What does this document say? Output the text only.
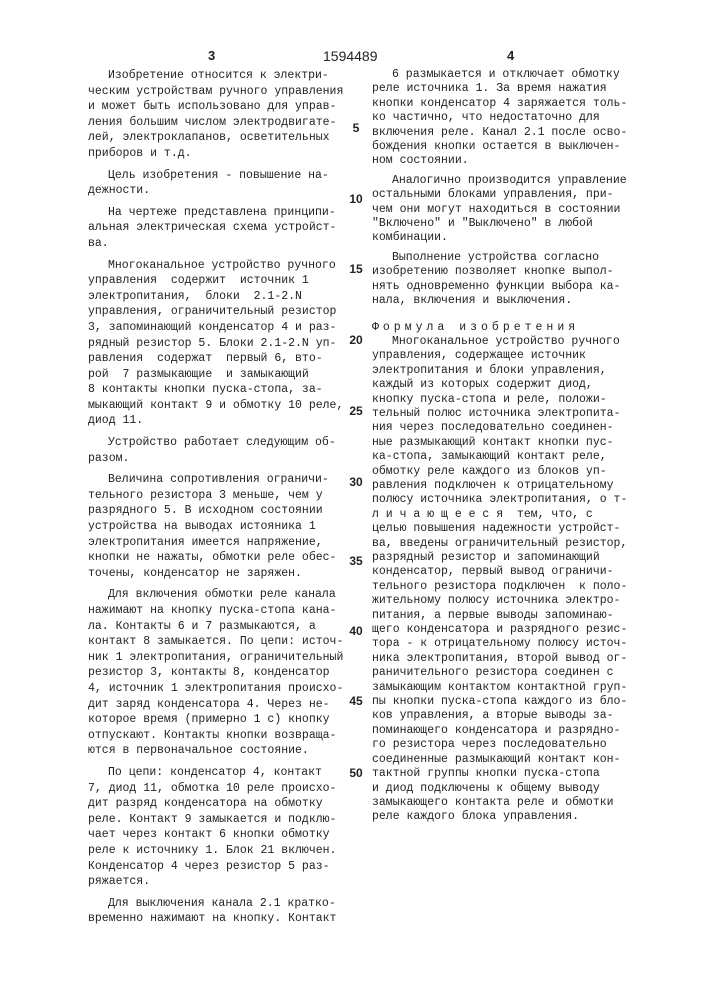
3	1594489	4
5
10
15
20
25
30
35
40
45
50
Изобретение относится к электри-
ческим устройствам ручного управления
и может быть использовано для управ-
ления большим числом электродвигате-
лей, электроклапанов, осветительных
приборов и т.д.
Цель изобретения - повышение на-
дежности.
На чертеже представлена принципи-
альная электрическая схема устройст-
ва.
Многоканальное устройство ручного
управления  содержит  источник 1
электропитания,  блоки  2.1-2.N
управления, ограничительный резистор
3, запоминающий конденсатор 4 и раз-
рядный резистор 5. Блоки 2.1-2.N уп-
равления  содержат  первый 6, вто-
рой  7 размыкающие  и замыкающий
8 контакты кнопки пуска-стопа, за-
мыкающий контакт 9 и обмотку 10 реле,
диод 11.
Устройство работает следующим об-
разом.
Величина сопротивления ограничи-
тельного резистора 3 меньше, чем у
разрядного 5. В исходном состоянии
устройства на выводах истояника 1
электропитания имеется напряжение,
кнопки не нажаты, обмотки реле обес-
точены, конденсатор не заряжен.
Для включения обмотки реле канала
нажимают на кнопку пуска-стопа кана-
ла. Контакты 6 и 7 размыкаются, а
контакт 8 замыкается. По цепи: источ-
ник 1 электропитания, ограничительный
резистор 3, контакты 8, конденсатор
4, источник 1 электропитания происхо-
дит заряд конденсатора 4. Через не-
которое время (примерно 1 с) кнопку
отпускают. Контакты кнопки возвраща-
ются в первоначальное состояние.
По цепи: конденсатор 4, контакт
7, диод 11, обмотка 10 реле происхо-
дит разряд конденсатора на обмотку
реле. Контакт 9 замыкается и подклю-
чает через контакт 6 кнопки обмотку
реле к источнику 1. Блок 21 включен.
Конденсатор 4 через резистор 5 раз-
ряжается.
Для выключения канала 2.1 кратко-
временно нажимают на кнопку. Контакт
6 размыкается и отключает обмотку
реле источника 1. За время нажатия
кнопки конденсатор 4 заряжается толь-
ко частично, что недостаточно для
включения реле. Канал 2.1 после осво-
бождения кнопки остается в выключен-
ном состоянии.
Аналогично производится управление
остальными блоками управления, при-
чем они могут находиться в состоянии
"Включено" и "Выключено" в любой
комбинации.
Выполнение устройства согласно
изобретению позволяет кнопке выпол-
нять одновременно функции выбора ка-
нала, включения и выключения.
Формула изобретения
Многоканальное устройство ручного
управления, содержащее источник
электропитания и блоки управления,
каждый из которых содержит диод,
кнопку пуска-стопа и реле, положи-
тельный полюс источника электропита-
ния через последовательно соединен-
ные размыкающий контакт кнопки пус-
ка-стопа, замыкающий контакт реле,
обмотку реле каждого из блоков уп-
равления подключен к отрицательному
полюсу источника электропитания, о т-
л и ч а ю щ е е с я  тем, что, с
целью повышения надежности устройст-
ва, введены ограничительный резистор,
разрядный резистор и запоминающий
конденсатор, первый вывод ограничи-
тельного резистора подключен  к поло-
жительному полюсу источника электро-
питания, а первые выводы запоминаю-
щего конденсатора и разрядного резис-
тора - к отрицательному полюсу источ-
ника электропитания, второй вывод ог-
раничительного резистора соединен с
замыкающим контактом контактной груп-
пы кнопки пуска-стопа каждого из бло-
ков управления, а вторые выводы за-
поминающего конденсатора и разрядно-
го резистора через последовательно
соединенные размыкающий контакт кон-
тактной группы кнопки пуска-стопа
и диод подключены к общему выводу
замыкающего контакта реле и обмотки
реле каждого блока управления.
